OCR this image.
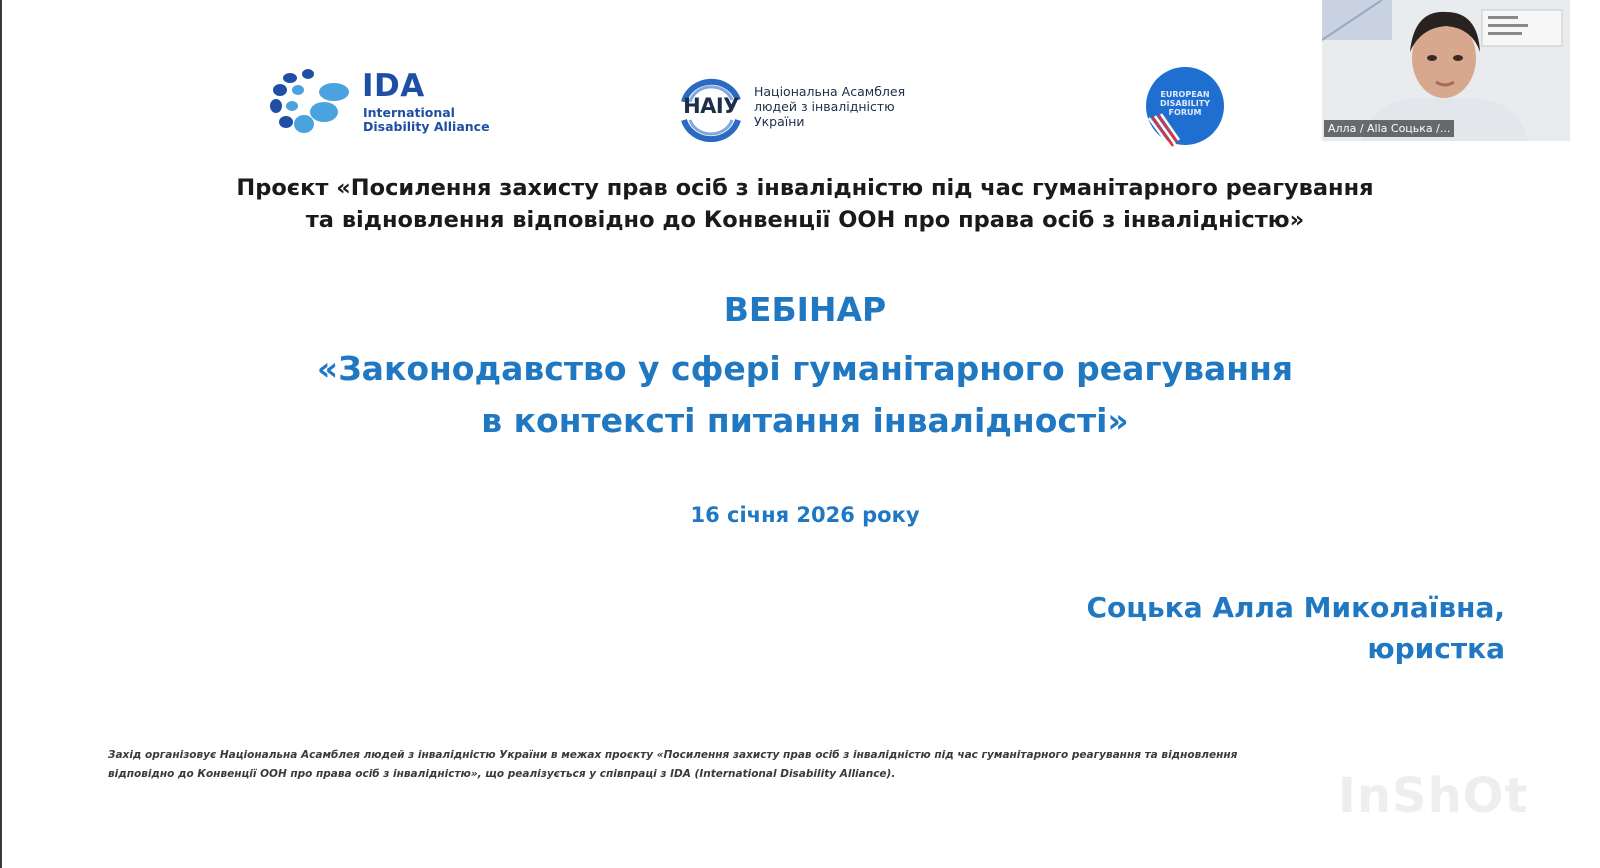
IDA
International Disability Alliance
НАІУ
Національна Асамблея людей з інвалідністю України
EUROPEAN DISABILITY FORUM
Алла / Alla Соцька /...
Проєкт «Посилення захисту прав осіб з інвалідністю під час гуманітарного реагування
та відновлення відповідно до Конвенції ООН про права осіб з інвалідністю»
ВЕБІНАР
«Законодавство у сфері гуманітарного реагування
в контексті питання інвалідності»
16 січня 2026 року
Соцька Алла Миколаївна,
юристка
Захід організовує Національна Асамблея людей з інвалідністю України в межах проєкту «Посилення захисту прав осіб з інвалідністю під час гуманітарного реагування та відновлення
відповідно до Конвенції ООН про права осіб з інвалідністю», що реалізується у співпраці з IDA (International Disability Alliance).	InShOt
